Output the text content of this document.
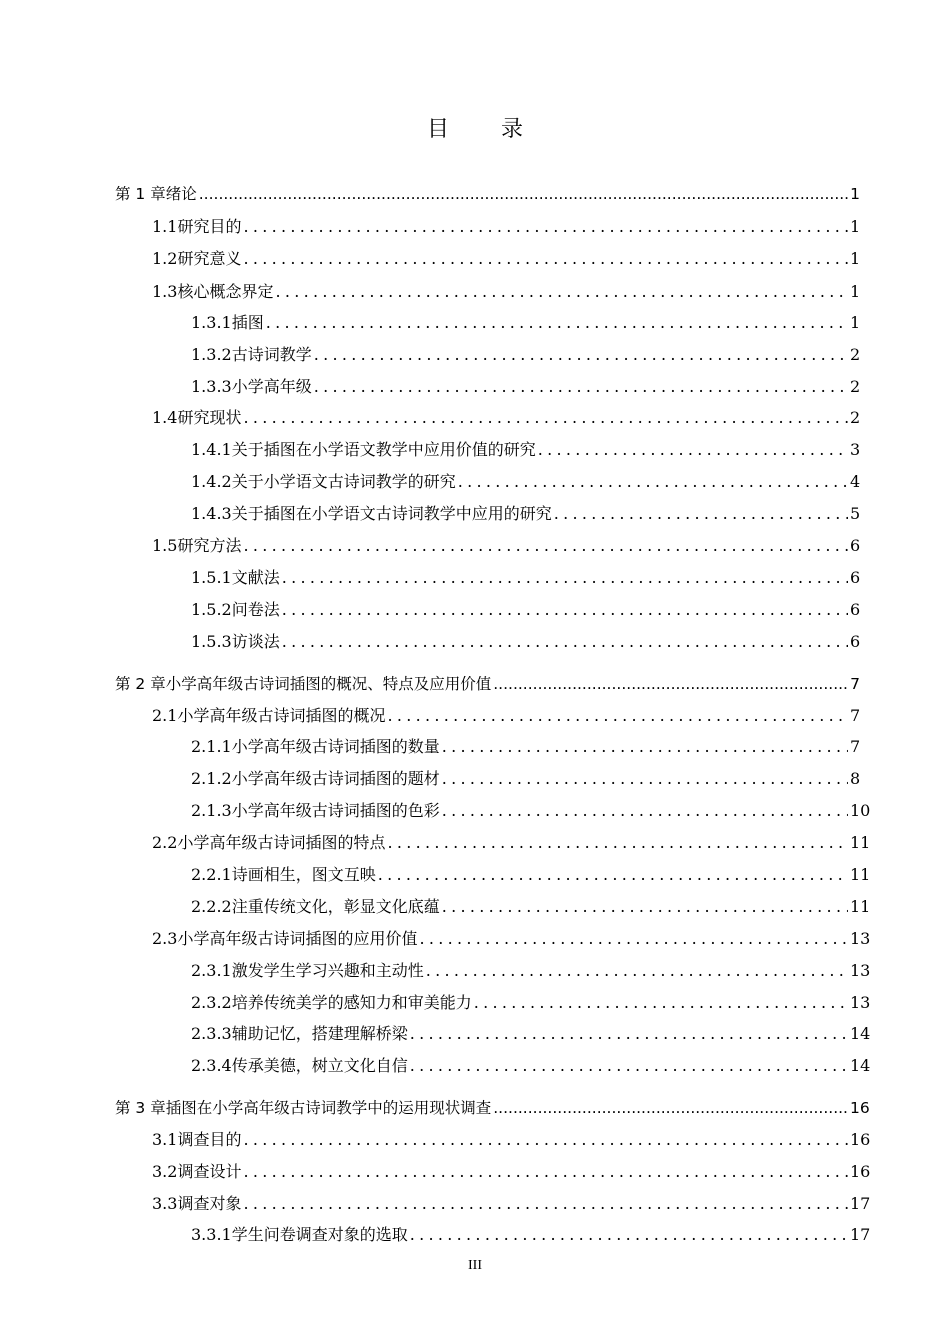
目 录
第 1 章 绪论 .....	1
1.1 研究目的 .....	1
1.2 研究意义 .....	1
1.3 核心概念界定 .....	1
1.3.1 插图 .....	1
1.3.2 古诗词教学 .....	2
1.3.3 小学高年级 .....	2
1.4 研究现状 .....	2
1.4.1 关于插图在小学语文教学中应用价值的研究 .....	3
1.4.2 关于小学语文古诗词教学的研究 .....	4
1.4.3 关于插图在小学语文古诗词教学中应用的研究 .....	5
1.5 研究方法 .....	6
1.5.1 文献法 .....	6
1.5.2 问卷法 .....	6
1.5.3 访谈法 .....	6
第 2 章 小学高年级古诗词插图的概况、特点及应用价值 .....	7
2.1 小学高年级古诗词插图的概况 .....	7
2.1.1 小学高年级古诗词插图的数量 .....	7
2.1.2 小学高年级古诗词插图的题材 .....	8
2.1.3 小学高年级古诗词插图的色彩 .....	10
2.2 小学高年级古诗词插图的特点 .....	11
2.2.1 诗画相生，图文互映 .....	11
2.2.2 注重传统文化，彰显文化底蕴 .....	11
2.3 小学高年级古诗词插图的应用价值 .....	13
2.3.1 激发学生学习兴趣和主动性 .....	13
2.3.2 培养传统美学的感知力和审美能力 .....	13
2.3.3 辅助记忆，搭建理解桥梁 .....	14
2.3.4 传承美德，树立文化自信 .....	14
第 3 章 插图在小学高年级古诗词教学中的运用现状调查 .....	16
3.1 调查目的 .....	16
3.2 调查设计 .....	16
3.3 调查对象 .....	17
3.3.1 学生问卷调查对象的选取 .....	17
III
